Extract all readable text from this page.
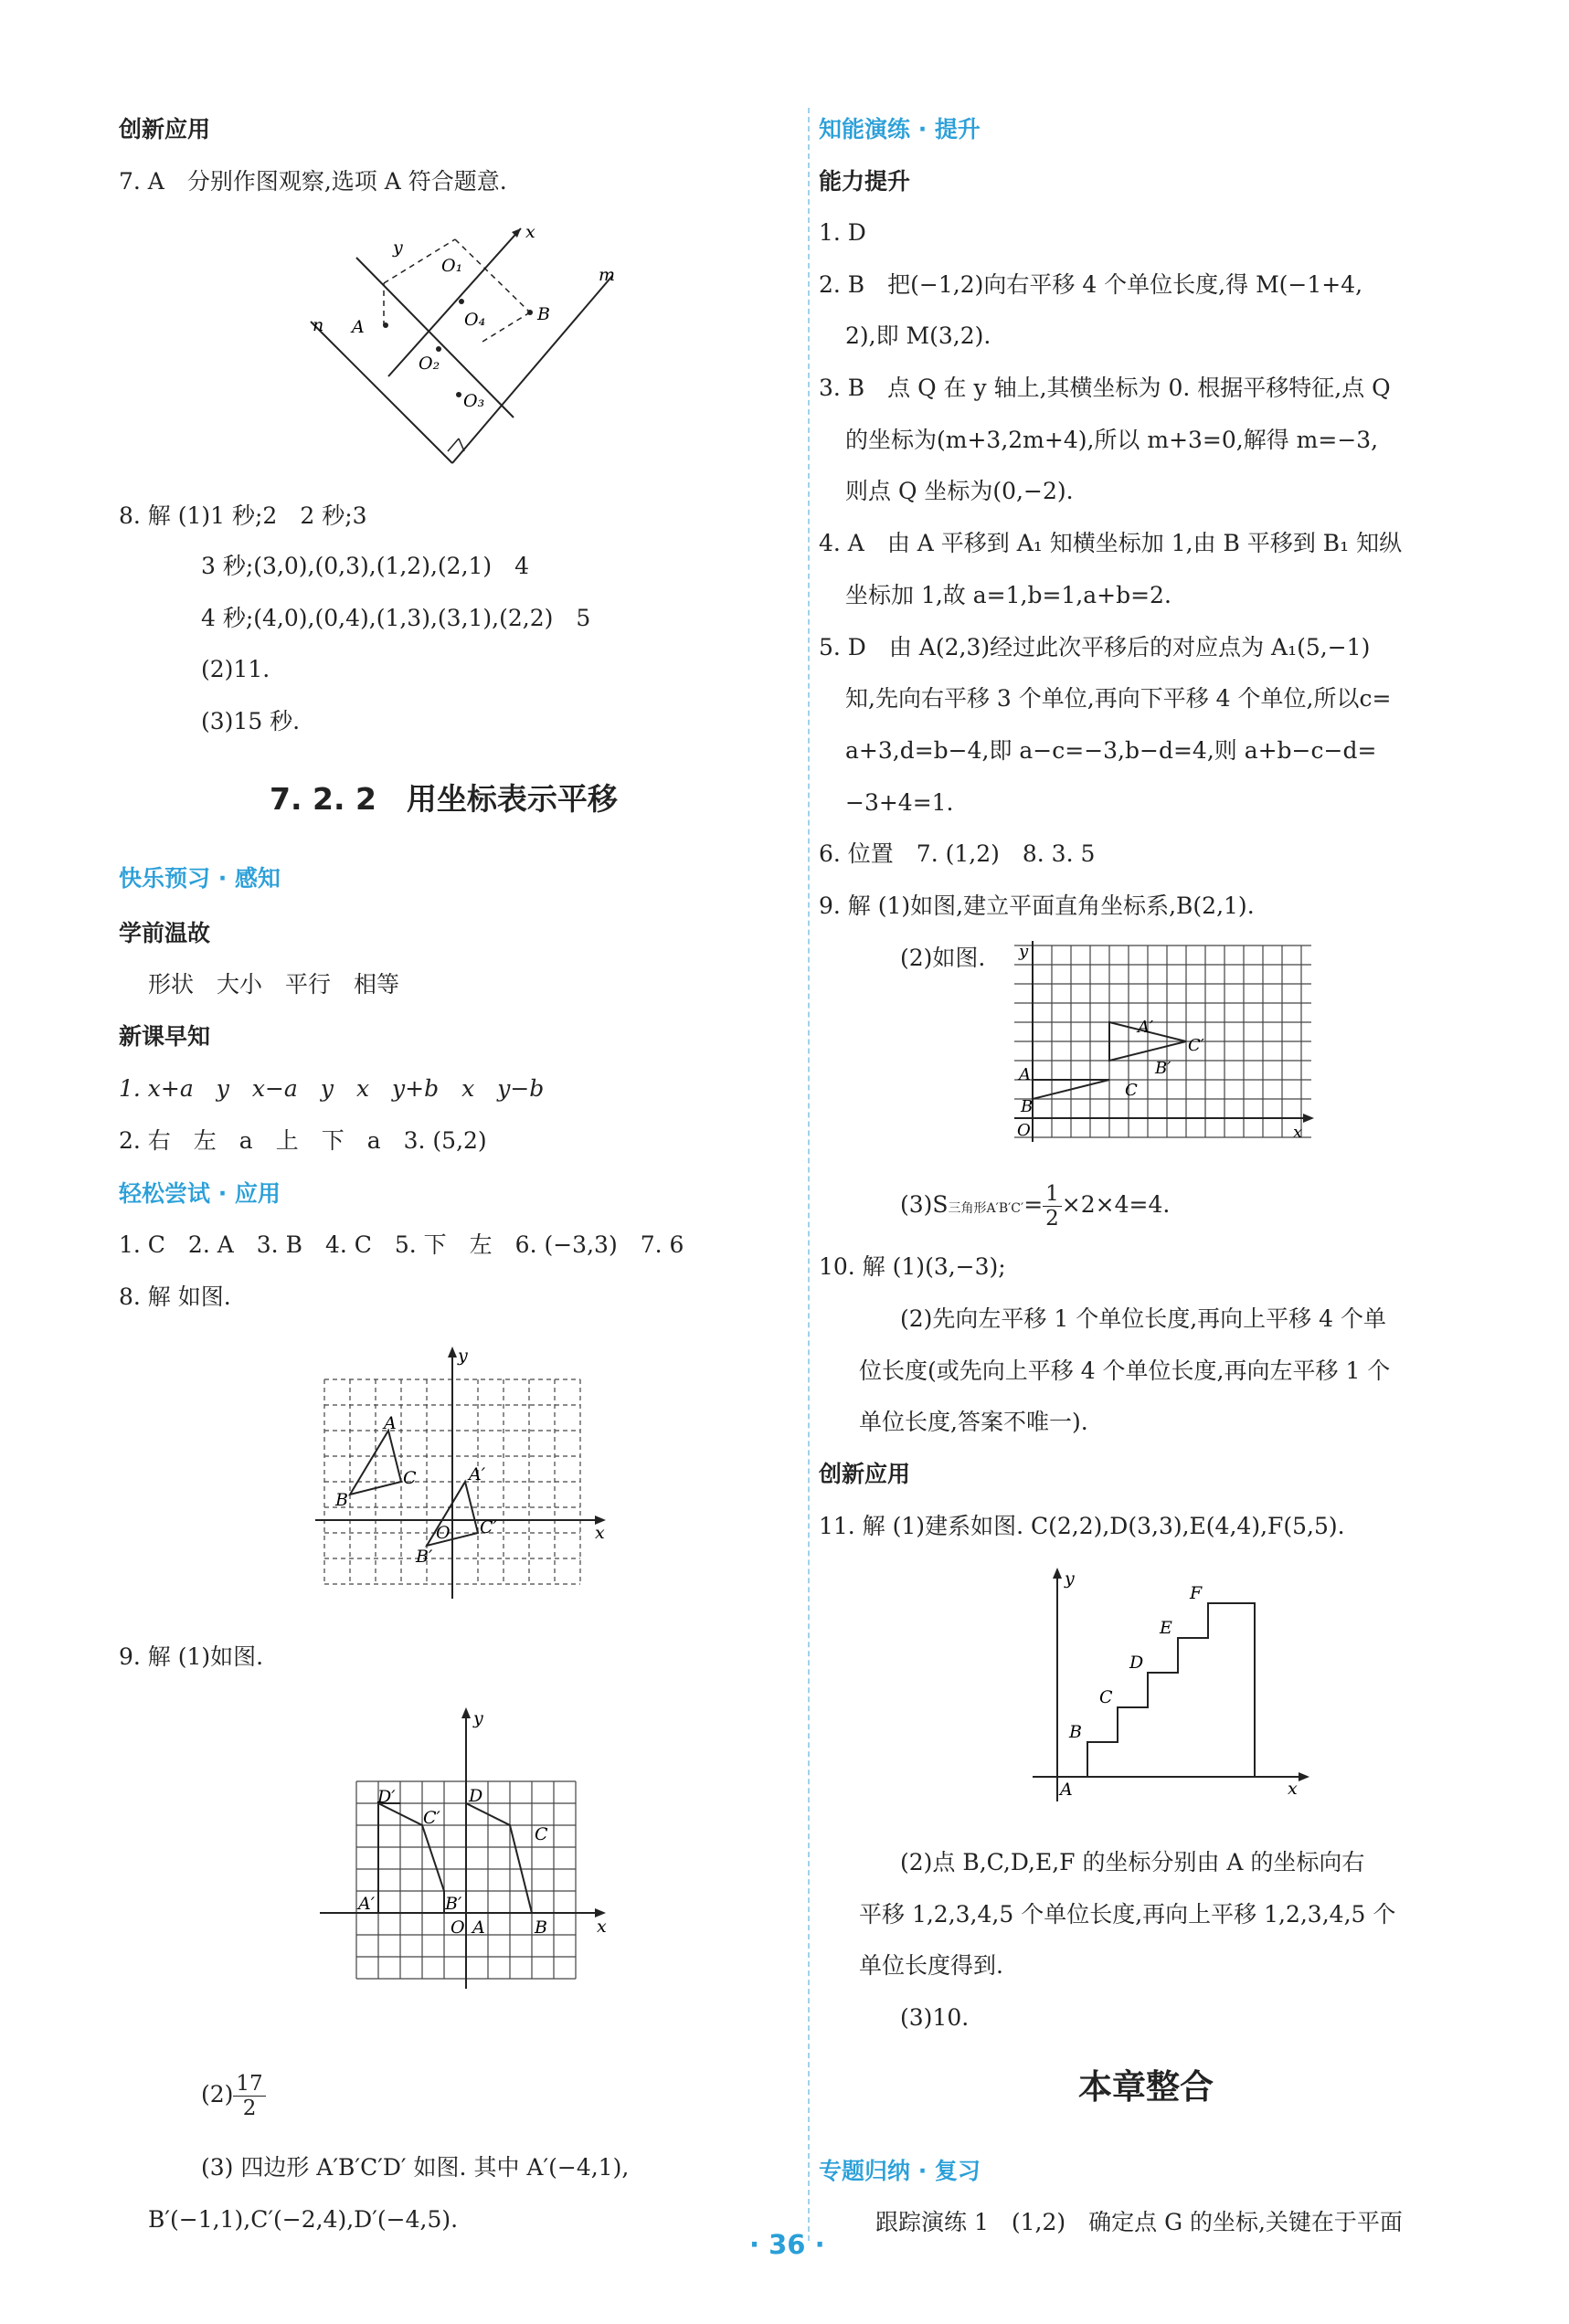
创新应用
7. A　分别作图观察,选项 A 符合题意.
y
x
O₁	m
n A
B
O₄
O₂
O₃
8. 解 (1)1 秒;2　2 秒;3
3 秒;(3,0),(0,3),(1,2),(2,1)　4
4 秒;(4,0),(0,4),(1,3),(3,1),(2,2)　5
(2)11.
(3)15 秒.
7. 2. 2　用坐标表示平移
快乐预习 · 感知
学前温故
形状　大小　平行　相等
新课早知
1. x+a　y　x−a　y　x　y+b　x　y−b
2. 右　左　a　上　下　a　3. (5,2)
轻松尝试 · 应用
1. C　2. A　3. B　4. C　5. 下　左　6. (−3,3)　7. 6
8. 解 如图.
y
x
O
A
B
C	A′
B′
C′
9. 解 (1)如图.
y
x
O
D′
C′
A′	B′
D
C
A	B
$(2) \frac{17}{2}$
(3) 四边形 A′B′C′D′ 如图. 其中 A′(−4,1),
B′(−1,1),C′(−2,4),D′(−4,5).
知能演练 · 提升
能力提升
1. D
2. B　把(−1,2)向右平移 4 个单位长度,得 M(−1+4,
2),即 M(3,2).
3. B　点 Q 在 y 轴上,其横坐标为 0. 根据平移特征,点 Q
的坐标为(m+3,2m+4),所以 m+3=0,解得 m=−3,
则点 Q 坐标为(0,−2).
4. A　由 A 平移到 A₁ 知横坐标加 1,由 B 平移到 B₁ 知纵
坐标加 1,故 a=1,b=1,a+b=2.
5. D　由 A(2,3)经过此次平移后的对应点为 A₁(5,−1)
知,先向右平移 3 个单位,再向下平移 4 个单位,所以c=
a+3,d=b−4,即 a−c=−3,b−d=4,则 a+b−c−d=
−3+4=1.
6. 位置　7. (1,2)　8. 3. 5
9. 解 (1)如图,建立平面直角坐标系,B(2,1).
(2)如图. y
x
O
A
B
C
A′
B′
C′
(3)S三角形$A'B'C'= \frac{1}{2} \times 2\times 4=4$.
10. 解 (1)(3,−3);
(2)先向左平移 1 个单位长度,再向上平移 4 个单
位长度(或先向上平移 4 个单位长度,再向左平移 1 个
单位长度,答案不唯一).
创新应用
11. 解 (1)建系如图. C(2,2),D(3,3),E(4,4),F(5,5).
y
x
A
B
C
D
E
F
(2)点 B,C,D,E,F 的坐标分别由 A 的坐标向右
平移 1,2,3,4,5 个单位长度,再向上平移 1,2,3,4,5 个
单位长度得到.
(3)10.
本章整合
专题归纳 · 复习
跟踪演练 1　(1,2)　确定点 G 的坐标,关键在于平面
· 36 ·
